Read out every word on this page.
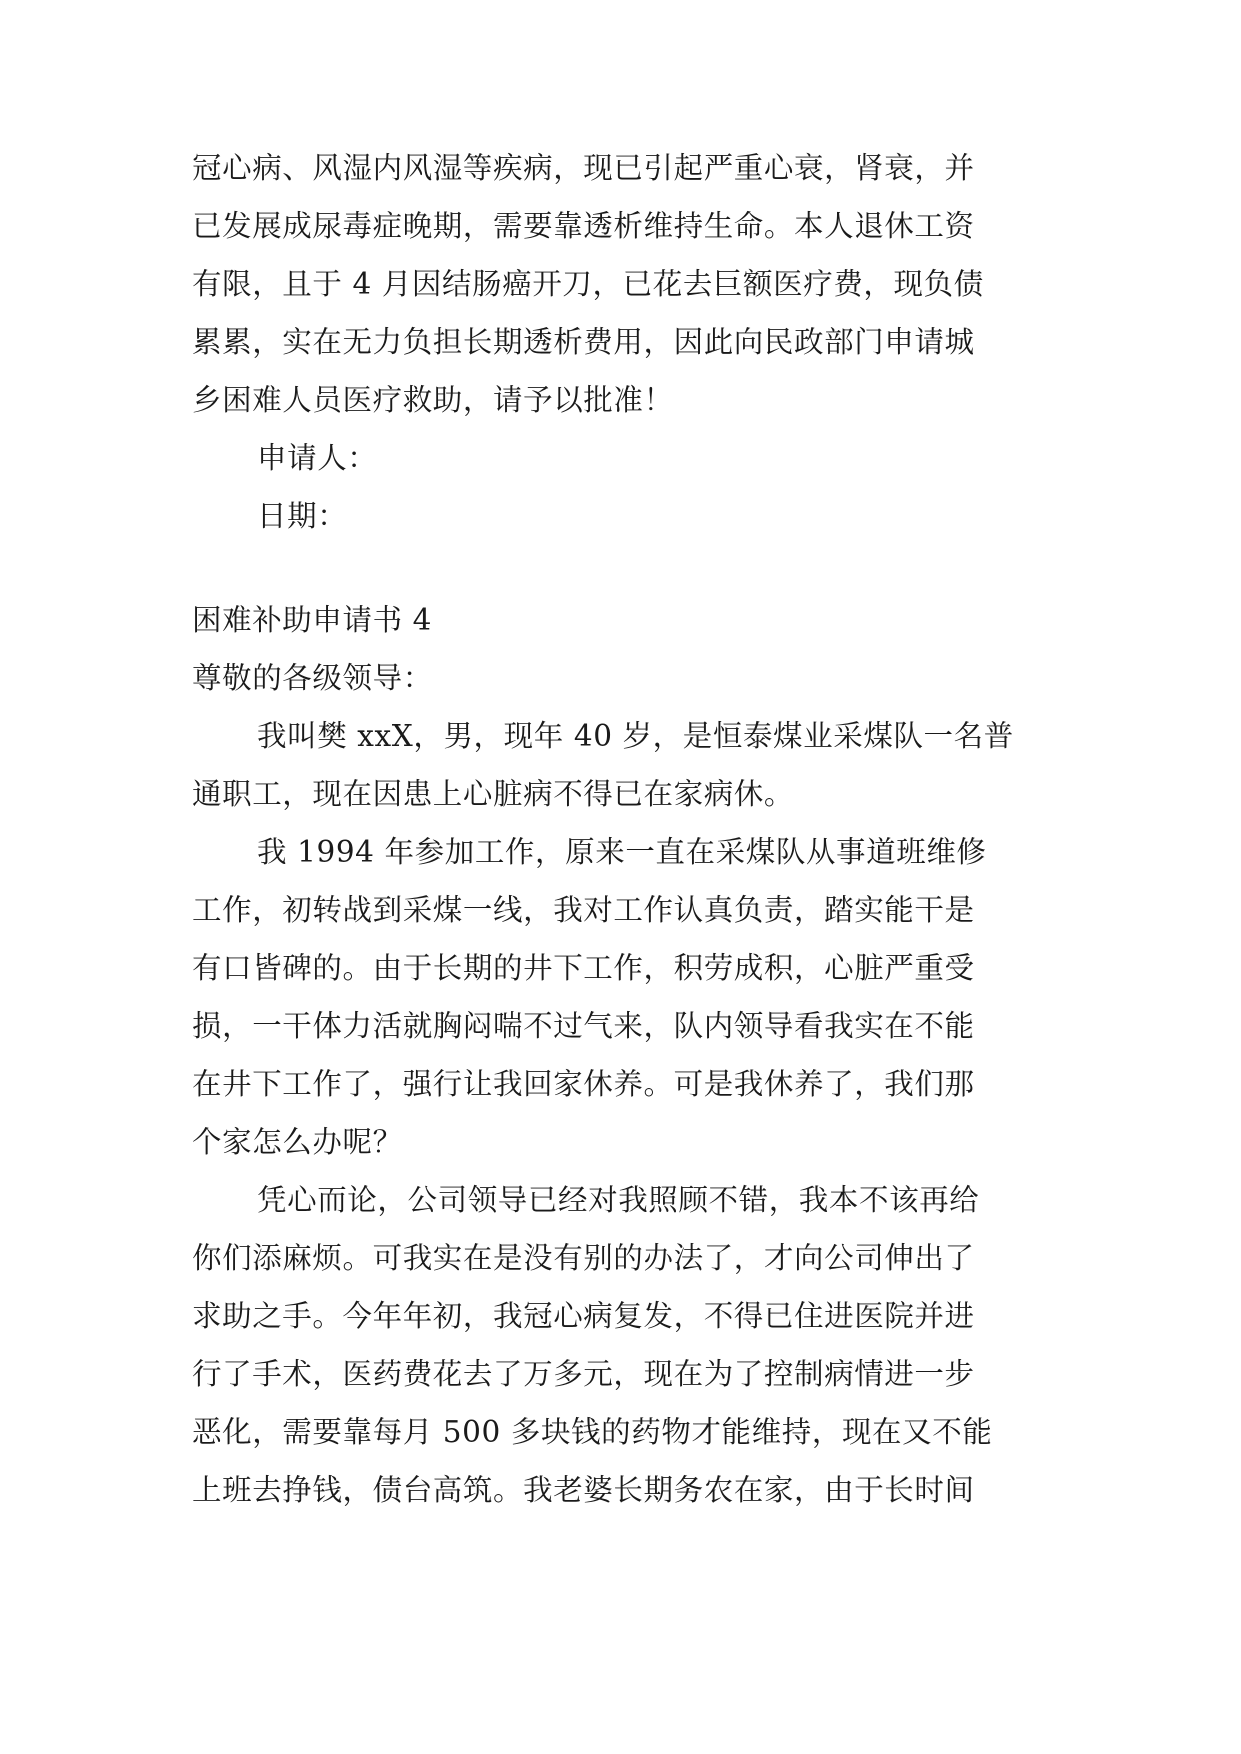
冠心病、风湿内风湿等疾病，现已引起严重心衰，肾衰，并
已发展成尿毒症晚期，需要靠透析维持生命。本人退休工资
有限，且于 4 月因结肠癌开刀，已花去巨额医疗费，现负债
累累，实在无力负担长期透析费用，因此向民政部门申请城
乡困难人员医疗救助，请予以批准！
申请人：
日期：
困难补助申请书 4
尊敬的各级领导：
我叫樊 xxX，男，现年 40 岁，是恒泰煤业采煤队一名普
通职工，现在因患上心脏病不得已在家病休。
我 1994 年参加工作，原来一直在采煤队从事道班维修
工作，初转战到采煤一线，我对工作认真负责，踏实能干是
有口皆碑的。由于长期的井下工作，积劳成积，心脏严重受
损，一干体力活就胸闷喘不过气来，队内领导看我实在不能
在井下工作了，强行让我回家休养。可是我休养了，我们那
个家怎么办呢？
凭心而论，公司领导已经对我照顾不错，我本不该再给
你们添麻烦。可我实在是没有别的办法了，才向公司伸出了
求助之手。今年年初，我冠心病复发，不得已住进医院并进
行了手术，医药费花去了万多元，现在为了控制病情进一步
恶化，需要靠每月 500 多块钱的药物才能维持，现在又不能
上班去挣钱，债台高筑。我老婆长期务农在家，由于长时间
